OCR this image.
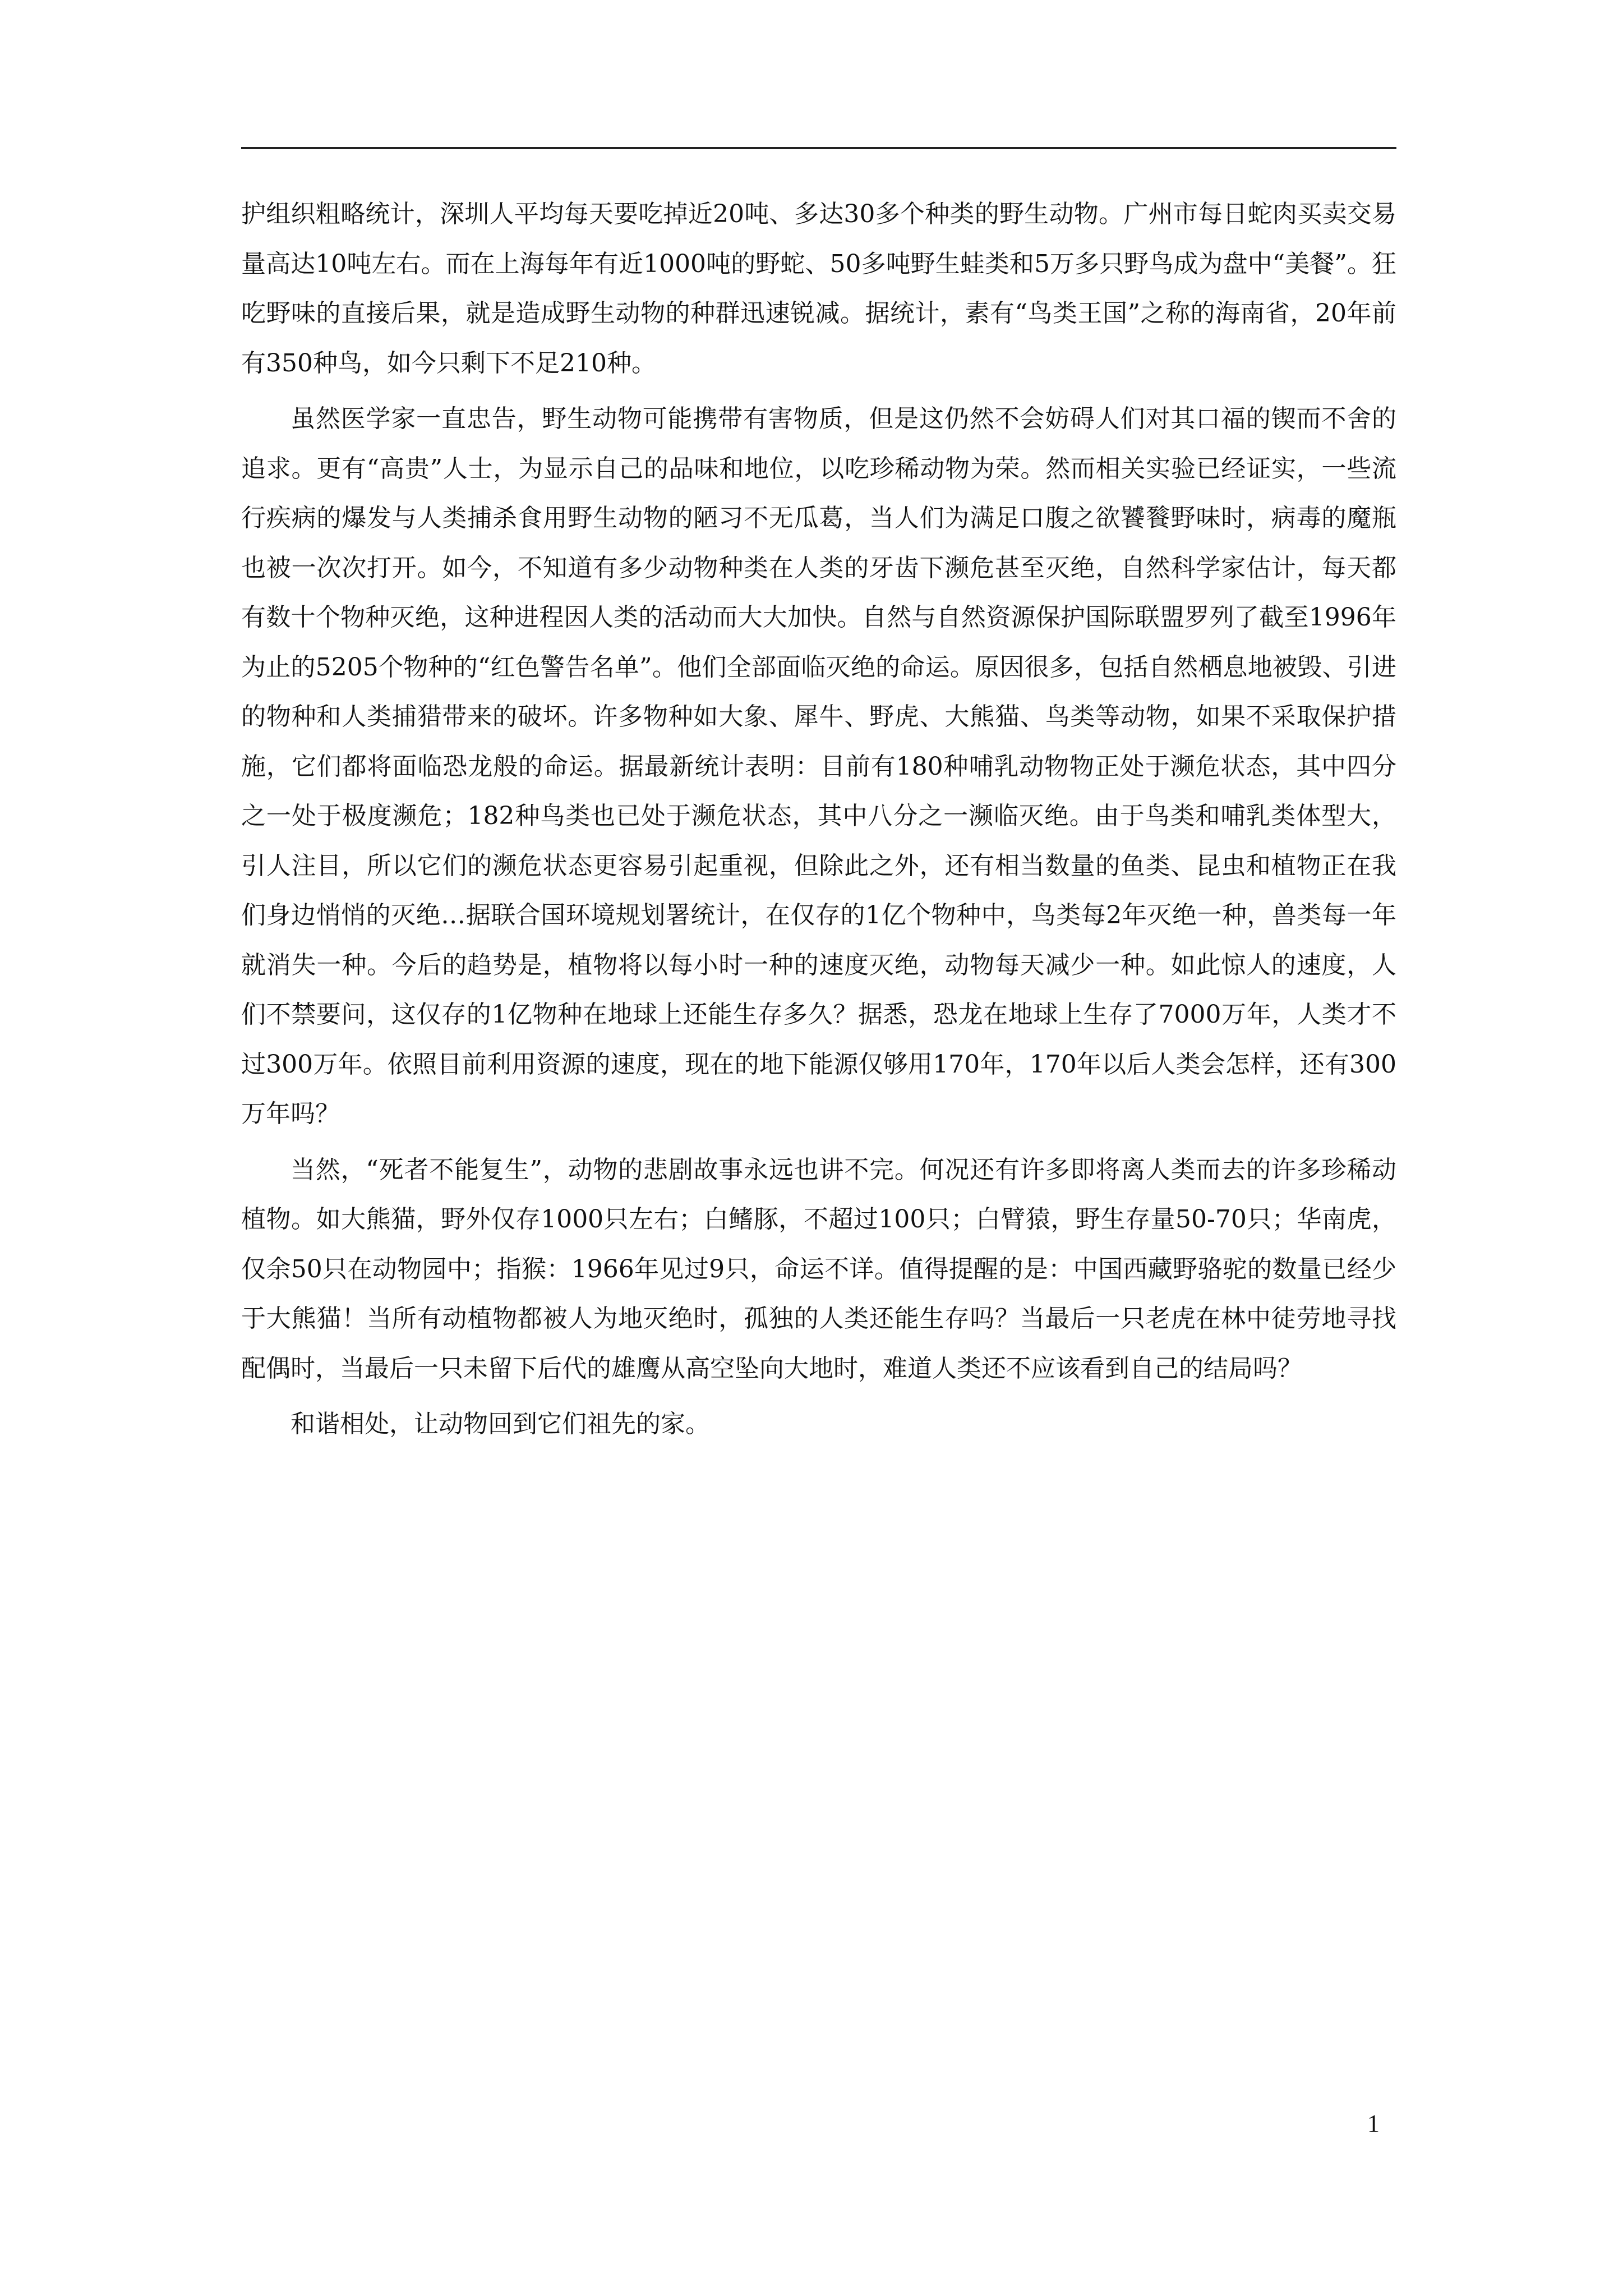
护组织粗略统计，深圳人平均每天要吃掉近20吨、多达30多个种类的野生动物。广州市每日蛇肉买卖交易量高达10吨左右。而在上海每年有近1000吨的野蛇、50多吨野生蛙类和5万多只野鸟成为盘中“美餐”。狂吃野味的直接后果，就是造成野生动物的种群迅速锐减。据统计，素有“鸟类王国”之称的海南省，20年前有350种鸟，如今只剩下不足210种。

虽然医学家一直忠告，野生动物可能携带有害物质，但是这仍然不会妨碍人们对其口福的锲而不舍的追求。更有“高贵”人士，为显示自己的品味和地位，以吃珍稀动物为荣。然而相关实验已经证实，一些流行疾病的爆发与人类捕杀食用野生动物的陋习不无瓜葛，当人们为满足口腹之欲饕餮野味时，病毒的魔瓶也被一次次打开。如今，不知道有多少动物种类在人类的牙齿下濒危甚至灭绝，自然科学家估计，每天都有数十个物种灭绝，这种进程因人类的活动而大大加快。自然与自然资源保护国际联盟罗列了截至1996年为止的5205个物种的“红色警告名单”。他们全部面临灭绝的命运。原因很多，包括自然栖息地被毁、引进的物种和人类捕猎带来的破坏。许多物种如大象、犀牛、野虎、大熊猫、鸟类等动物，如果不采取保护措施，它们都将面临恐龙般的命运。据最新统计表明：目前有180种哺乳动物物正处于濒危状态，其中四分之一处于极度濒危；182种鸟类也已处于濒危状态，其中八分之一濒临灭绝。由于鸟类和哺乳类体型大，引人注目，所以它们的濒危状态更容易引起重视，但除此之外，还有相当数量的鱼类、昆虫和植物正在我们身边悄悄的灭绝…据联合国环境规划署统计，在仅存的1亿个物种中，鸟类每2年灭绝一种，兽类每一年就消失一种。今后的趋势是，植物将以每小时一种的速度灭绝，动物每天减少一种。如此惊人的速度，人们不禁要问，这仅存的1亿物种在地球上还能生存多久？据悉，恐龙在地球上生存了7000万年，人类才不过300万年。依照目前利用资源的速度，现在的地下能源仅够用170年，170年以后人类会怎样，还有300万年吗？

当然，“死者不能复生”，动物的悲剧故事永远也讲不完。何况还有许多即将离人类而去的许多珍稀动植物。如大熊猫，野外仅存1000只左右；白鳍豚，不超过100只；白臂猿，野生存量50-70只；华南虎，仅余50只在动物园中；指猴：1966年见过9只，命运不详。值得提醒的是：中国西藏野骆驼的数量已经少于大熊猫！当所有动植物都被人为地灭绝时，孤独的人类还能生存吗？当最后一只老虎在林中徒劳地寻找配偶时，当最后一只未留下后代的雄鹰从高空坠向大地时，难道人类还不应该看到自己的结局吗？

和谐相处，让动物回到它们祖先的家。

1
